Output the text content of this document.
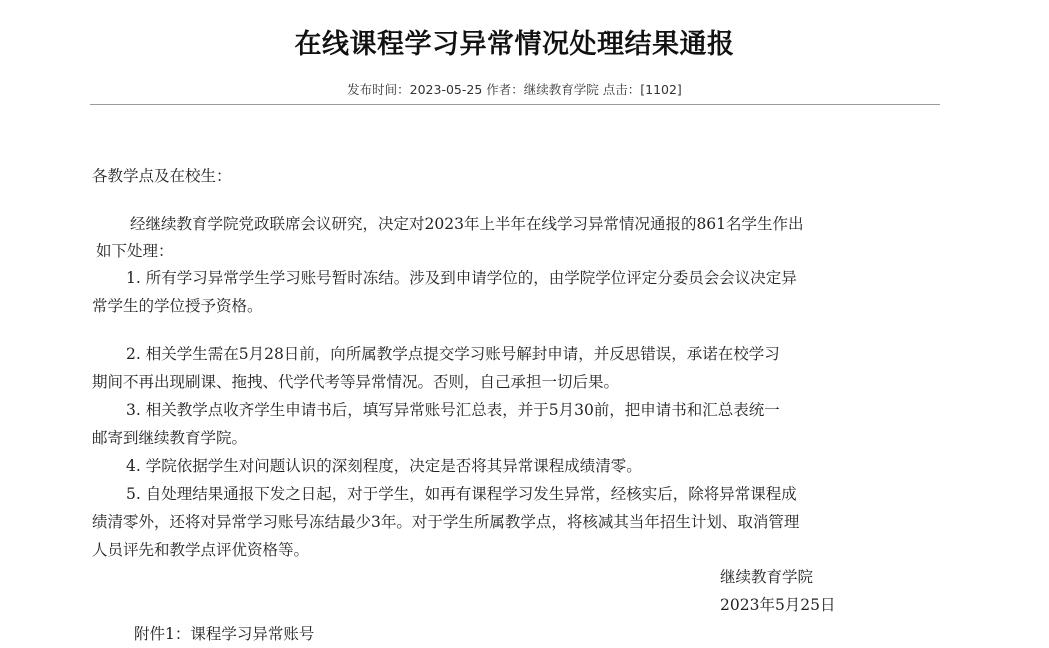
在线课程学习异常情况处理结果通报
发布时间：2023-05-25 作者：继续教育学院 点击：[1102]
各教学点及在校生：
经继续教育学院党政联席会议研究，决定对2023年上半年在线学习异常情况通报的861名学生作出
如下处理：
1. 所有学习异常学生学习账号暂时冻结。涉及到申请学位的，由学院学位评定分委员会会议决定异
常学生的学位授予资格。
2. 相关学生需在5月28日前，向所属教学点提交学习账号解封申请，并反思错误，承诺在校学习
期间不再出现刷课、拖拽、代学代考等异常情况。否则，自己承担一切后果。
3. 相关教学点收齐学生申请书后，填写异常账号汇总表，并于5月30前，把申请书和汇总表统一
邮寄到继续教育学院。
4. 学院依据学生对问题认识的深刻程度，决定是否将其异常课程成绩清零。
5. 自处理结果通报下发之日起，对于学生，如再有课程学习发生异常，经核实后，除将异常课程成
绩清零外，还将对异常学习账号冻结最少3年。对于学生所属教学点，将核减其当年招生计划、取消管理
人员评先和教学点评优资格等。
继续教育学院
2023年5月25日
附件1：课程学习异常账号
